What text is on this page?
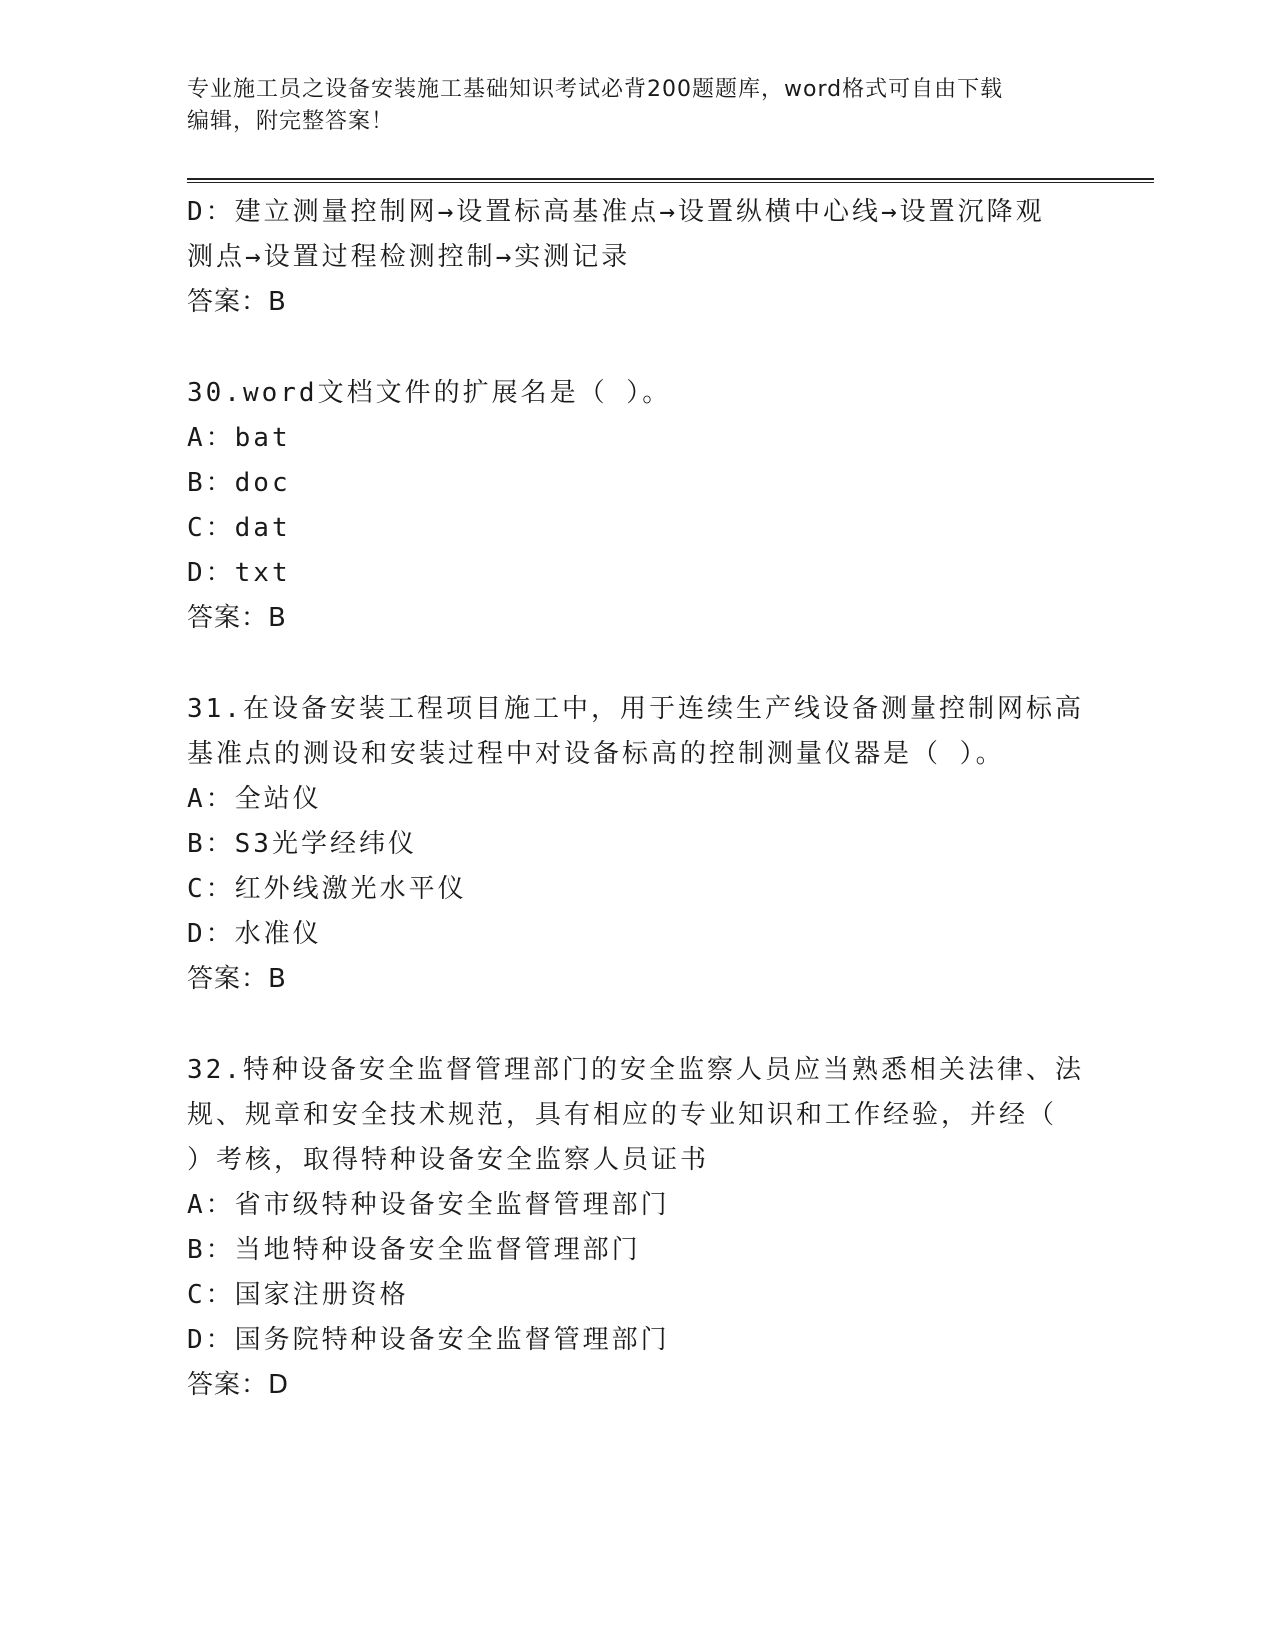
专业施工员之设备安装施工基础知识考试必背200题题库，word格式可自由下载
编辑，附完整答案！
D：建立测量控制网→设置标高基准点→设置纵横中心线→设置沉降观
测点→设置过程检测控制→实测记录
答案：B
30.word文档文件的扩展名是（ ）。
A：bat
B：doc
C：dat
D：txt
答案：B
31.在设备安装工程项目施工中，用于连续生产线设备测量控制网标高
基准点的测设和安装过程中对设备标高的控制测量仪器是（ ）。
A：全站仪
B：S3光学经纬仪
C：红外线激光水平仪
D：水准仪
答案：B
32.特种设备安全监督管理部门的安全监察人员应当熟悉相关法律、法
规、规章和安全技术规范，具有相应的专业知识和工作经验，并经（
）考核，取得特种设备安全监察人员证书
A：省市级特种设备安全监督管理部门
B：当地特种设备安全监督管理部门
C：国家注册资格
D：国务院特种设备安全监督管理部门
答案：D
